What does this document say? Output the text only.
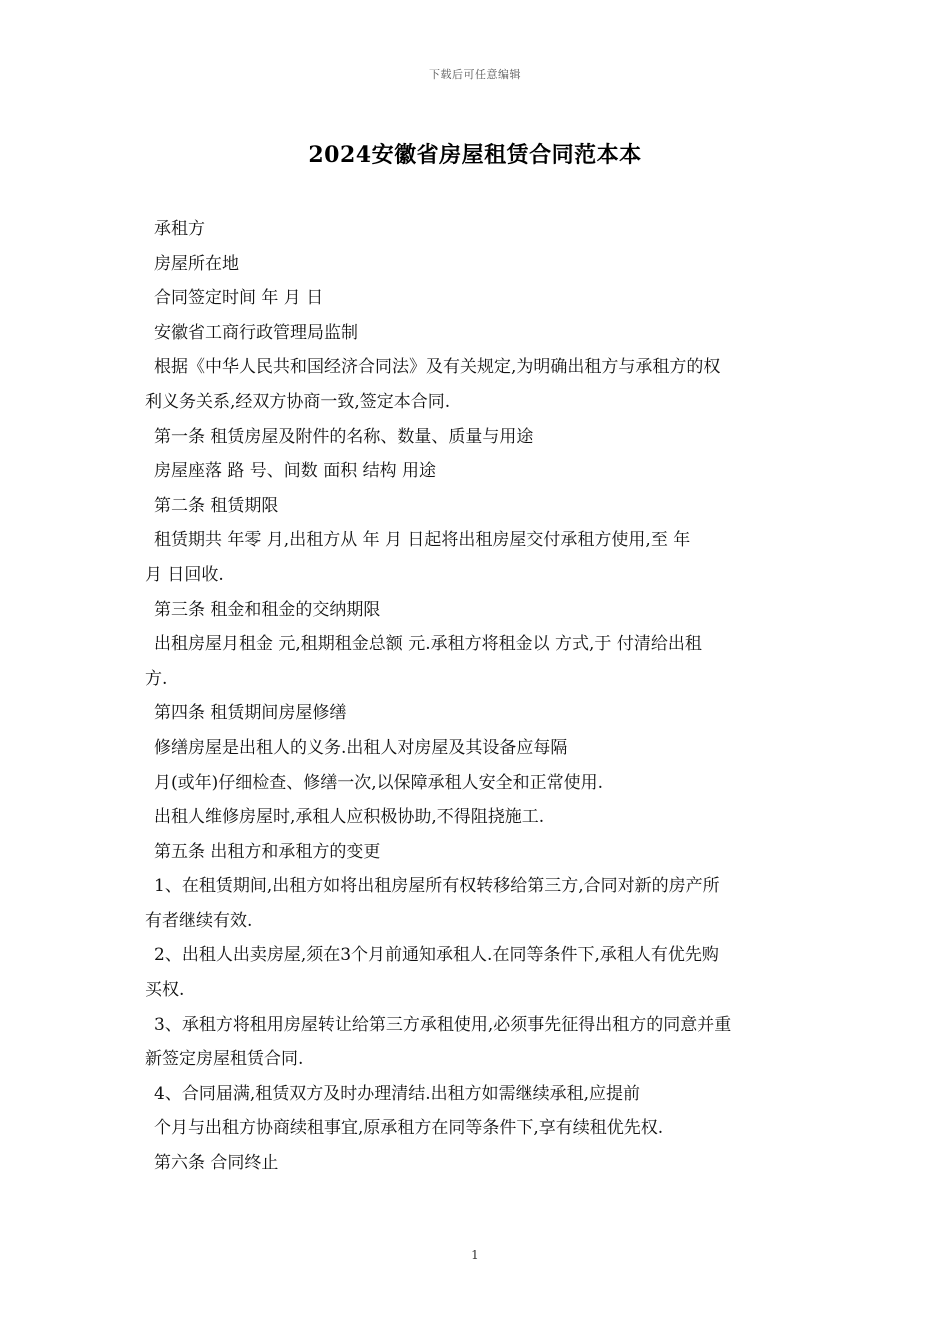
下载后可任意编辑
2024安徽省房屋租赁合同范本本
承租方
房屋所在地
合同签定时间 年 月 日
安徽省工商行政管理局监制
根据《中华人民共和国经济合同法》及有关规定,为明确出租方与承租方的权
利义务关系,经双方协商一致,签定本合同.
第一条 租赁房屋及附件的名称、数量、质量与用途
房屋座落 路 号、间数 面积 结构 用途
第二条 租赁期限
租赁期共 年零 月,出租方从 年 月 日起将出租房屋交付承租方使用,至 年
月 日回收.
第三条 租金和租金的交纳期限
出租房屋月租金 元,租期租金总额 元.承租方将租金以 方式,于 付清给出租
方.
第四条 租赁期间房屋修缮
修缮房屋是出租人的义务.出租人对房屋及其设备应每隔
月(或年)仔细检查、修缮一次,以保障承租人安全和正常使用.
出租人维修房屋时,承租人应积极协助,不得阻挠施工.
第五条 出租方和承租方的变更
1、在租赁期间,出租方如将出租房屋所有权转移给第三方,合同对新的房产所
有者继续有效.
2、出租人出卖房屋,须在3个月前通知承租人.在同等条件下,承租人有优先购
买权.
3、承租方将租用房屋转让给第三方承租使用,必须事先征得出租方的同意并重
新签定房屋租赁合同.
4、合同届满,租赁双方及时办理清结.出租方如需继续承租,应提前
个月与出租方协商续租事宜,原承租方在同等条件下,享有续租优先权.
第六条 合同终止
1
